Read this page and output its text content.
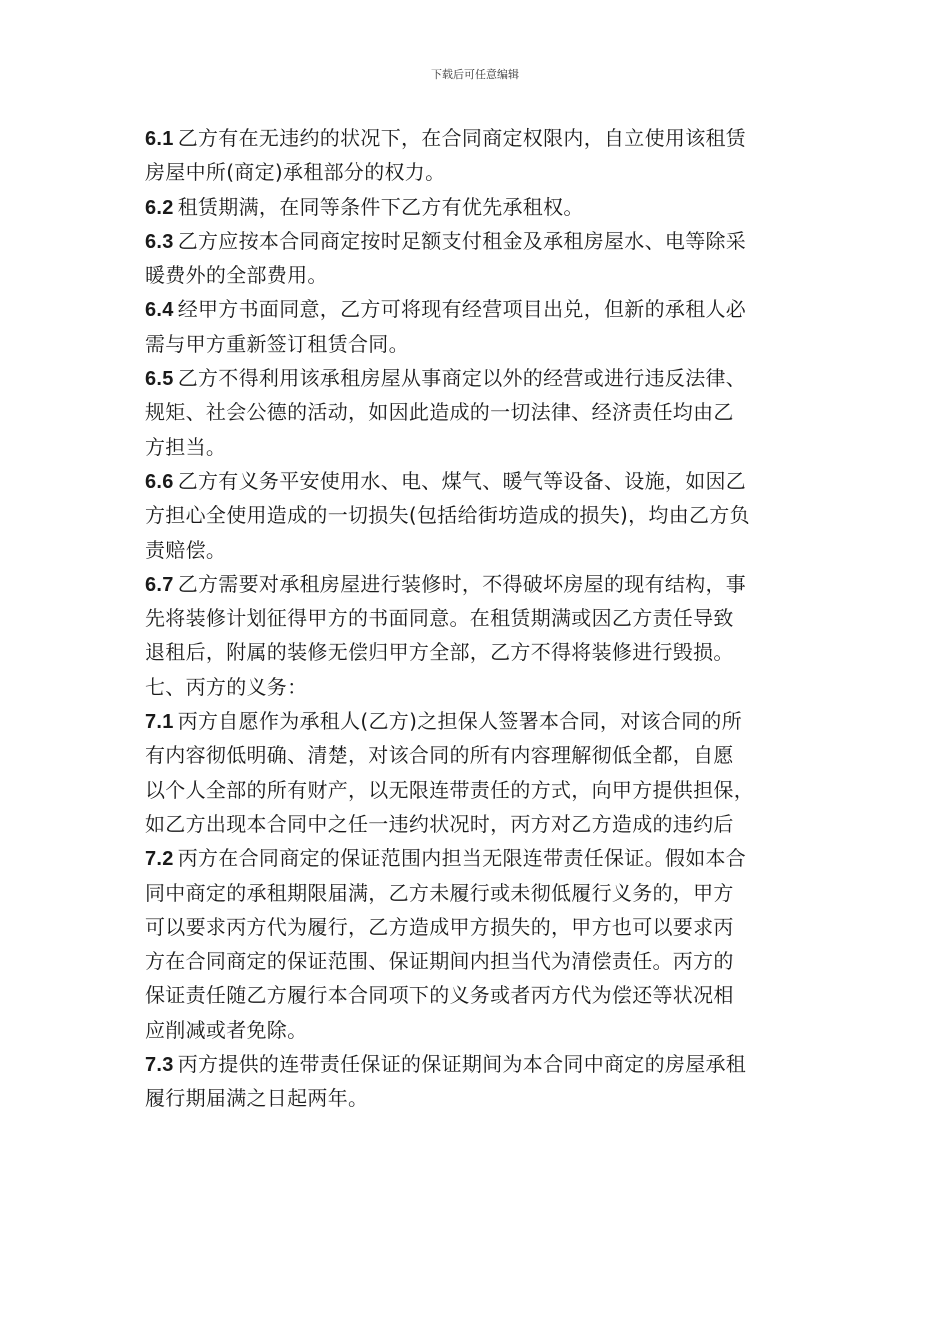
下载后可任意编辑
6.1 乙方有在无违约的状况下，在合同商定权限内，自立使用该租赁
房屋中所(商定)承租部分的权力。
6.2 租赁期满，在同等条件下乙方有优先承租权。
6.3 乙方应按本合同商定按时足额支付租金及承租房屋水、电等除采
暖费外的全部费用。
6.4 经甲方书面同意，乙方可将现有经营项目出兑，但新的承租人必
需与甲方重新签订租赁合同。
6.5 乙方不得利用该承租房屋从事商定以外的经营或进行违反法律、
规矩、社会公德的活动，如因此造成的一切法律、经济责任均由乙
方担当。
6.6 乙方有义务平安使用水、电、煤气、暖气等设备、设施，如因乙
方担心全使用造成的一切损失(包括给街坊造成的损失)，均由乙方负
责赔偿。
6.7 乙方需要对承租房屋进行装修时，不得破坏房屋的现有结构，事
先将装修计划征得甲方的书面同意。在租赁期满或因乙方责任导致
退租后，附属的装修无偿归甲方全部，乙方不得将装修进行毁损。
七、丙方的义务：
7.1 丙方自愿作为承租人(乙方)之担保人签署本合同，对该合同的所
有内容彻低明确、清楚，对该合同的所有内容理解彻低全都，自愿
以个人全部的所有财产，以无限连带责任的方式，向甲方提供担保，
如乙方出现本合同中之任一违约状况时，丙方对乙方造成的违约后
7.2 丙方在合同商定的保证范围内担当无限连带责任保证。假如本合
同中商定的承租期限届满，乙方未履行或未彻低履行义务的，甲方
可以要求丙方代为履行，乙方造成甲方损失的，甲方也可以要求丙
方在合同商定的保证范围、保证期间内担当代为清偿责任。丙方的
保证责任随乙方履行本合同项下的义务或者丙方代为偿还等状况相
应削减或者免除。
7.3 丙方提供的连带责任保证的保证期间为本合同中商定的房屋承租
履行期届满之日起两年。
